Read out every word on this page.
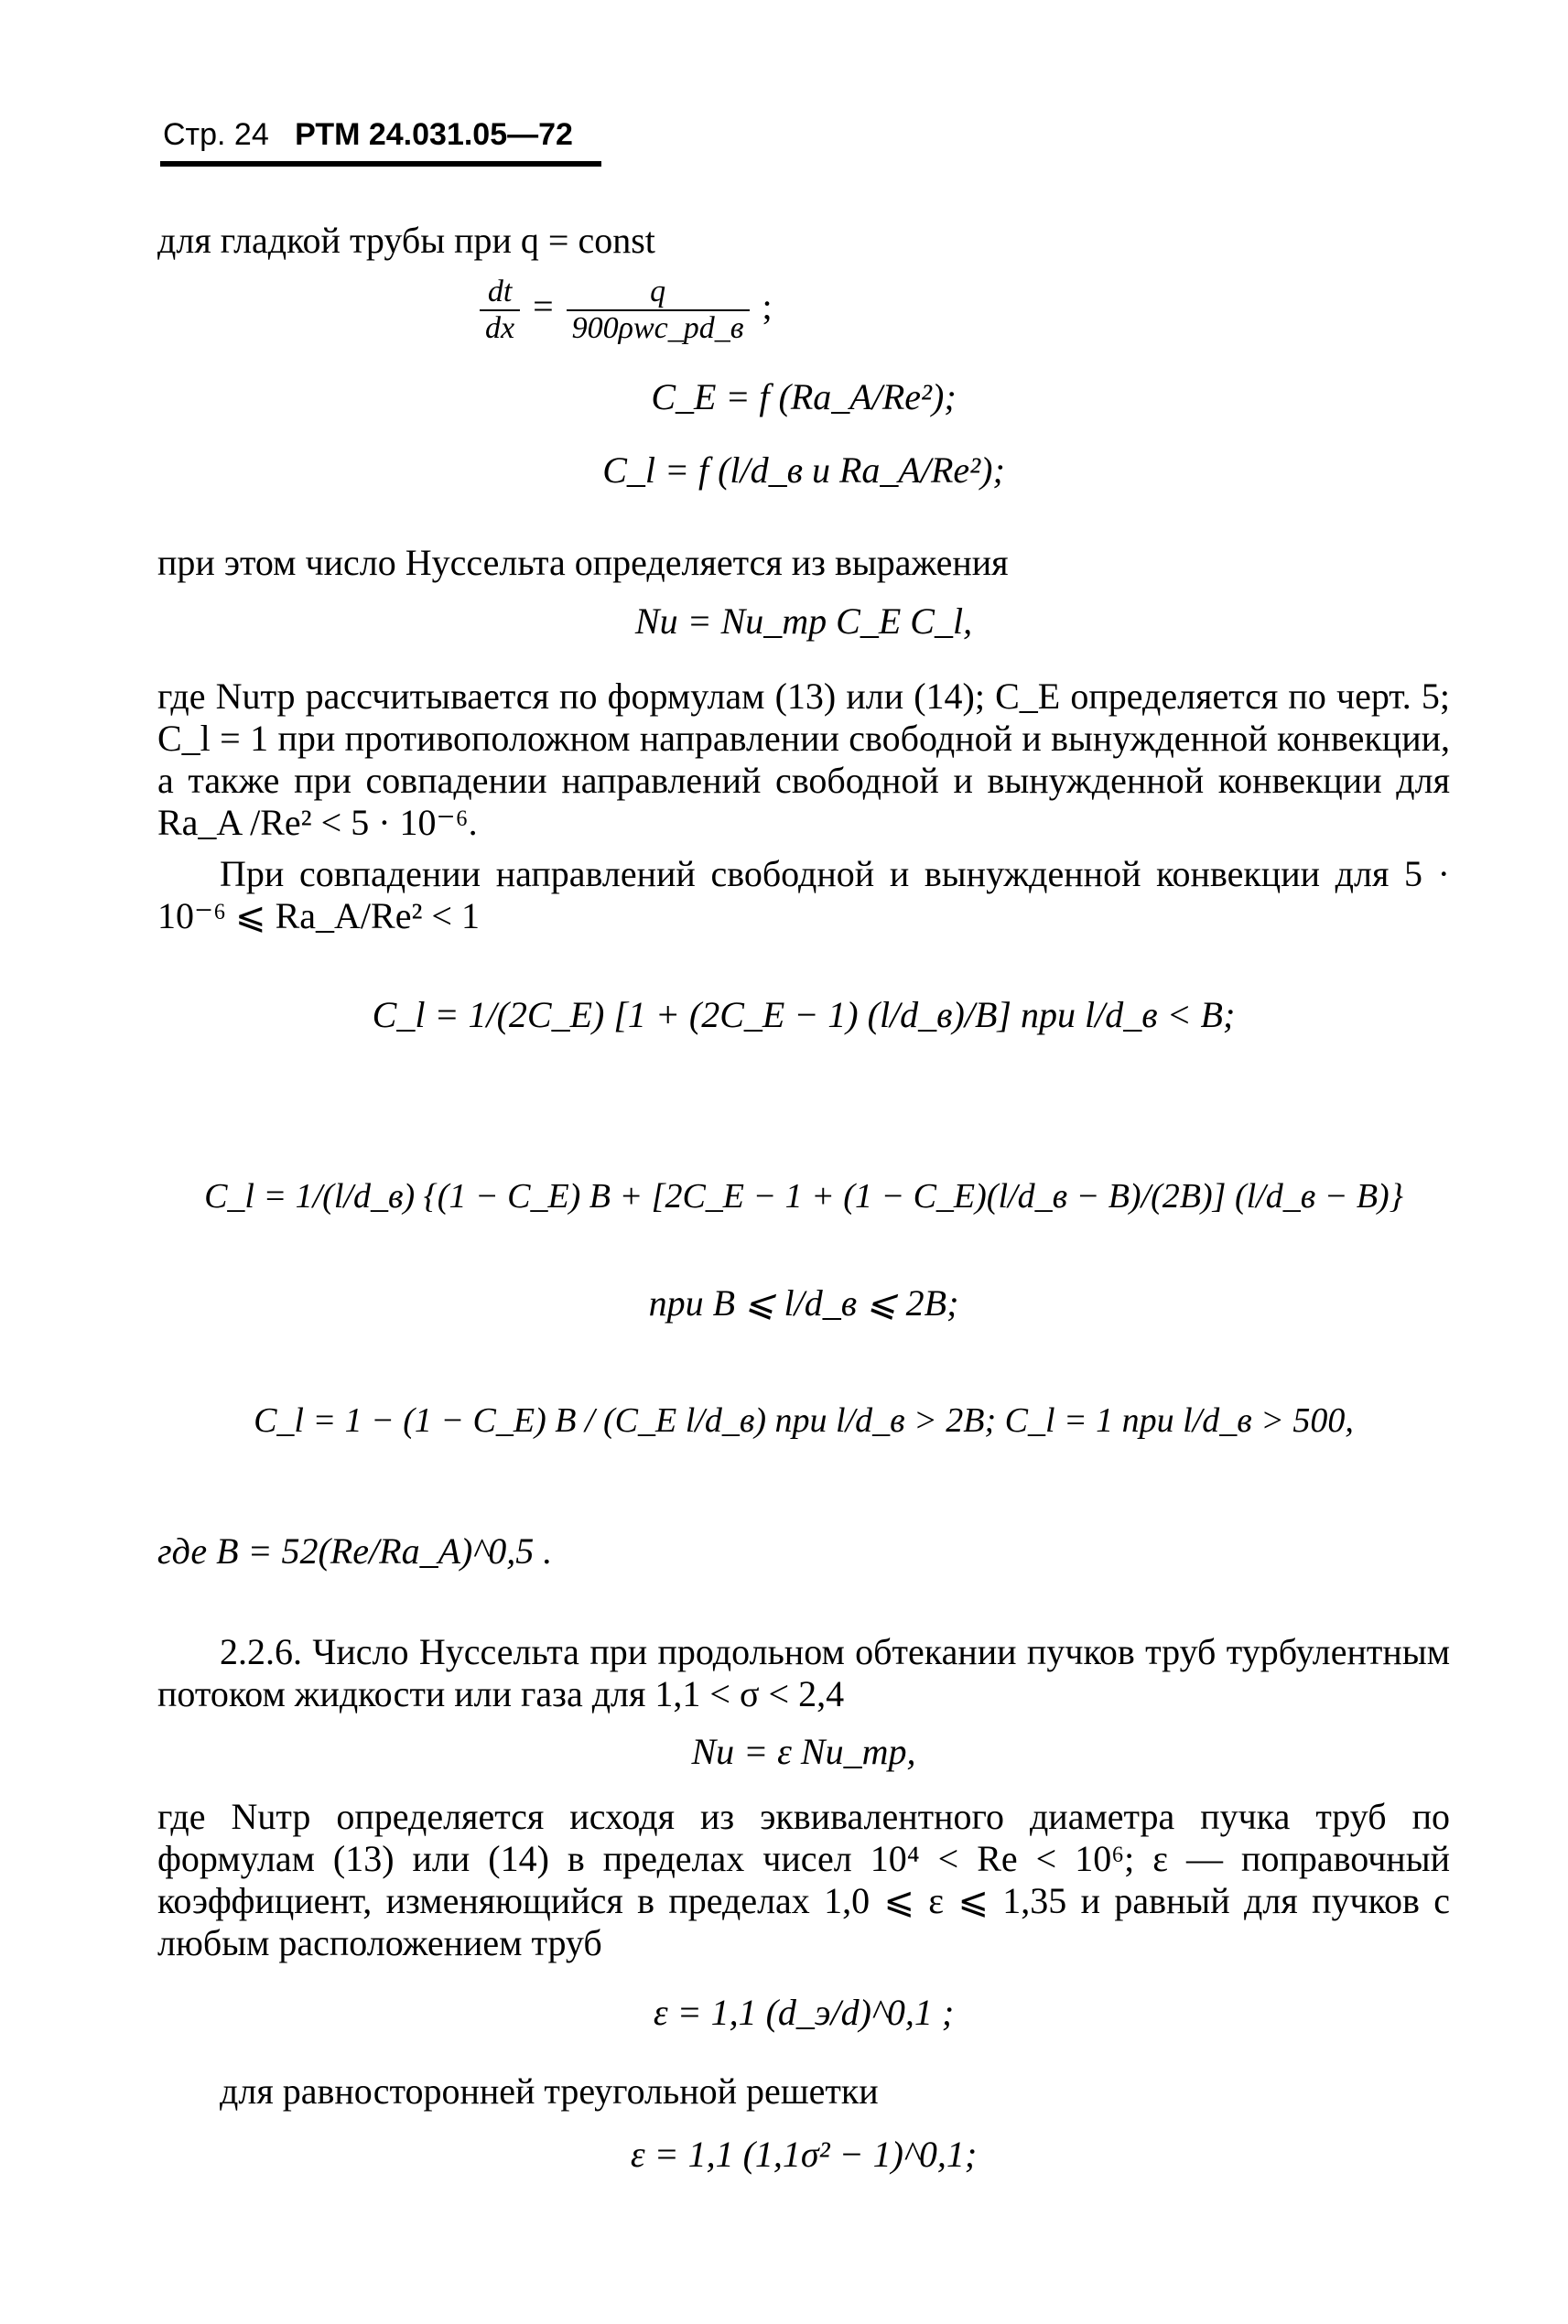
Стр. 24 РТМ 24.031.05—72
для гладкой трубы при q = const
$\frac{dt}{dx} = \frac{q}{\text{900ρwc\_pd\_в}}$ ;
C_E = f (Ra_A/Re²);
C_l = f (l/d_в и Ra_A/Re²);
при этом число Нуссельта определяется из выражения
Nu = Nu_тр C_E C_l,
где Nuтр рассчитывается по формулам (13) или (14); C_E определяется по черт. 5; C_l = 1 при противоположном направлении свободной и вынужденной конвекции, а также при совпадении направлений свободной и вынужденной конвекции для Ra_A /Re² < 5 · 10⁻⁶.
При совпадении направлений свободной и вынужденной конвекции для 5 · 10⁻⁶ ⩽ Ra_A/Re² < 1
C_l = 1/(2C_E) [1 + (2C_E − 1) (l/d_в)/B] при l/d_в < B;
C_l = 1/(l/d_в) {(1 − C_E) B + [2C_E − 1 + (1 − C_E)(l/d_в − B)/(2B)] (l/d_в − B)}
при B ⩽ l/d_в ⩽ 2B;
C_l = 1 − (1 − C_E) B / (C_E l/d_в) при l/d_в > 2B; C_l = 1 при l/d_в > 500,
где B = 52(Re/Ra_A)^0,5 .
2.2.6. Число Нуссельта при продольном обтекании пучков труб турбулентным потоком жидкости или газа для 1,1 < σ < 2,4
Nu = ε Nu_тр,
где Nuтр определяется исходя из эквивалентного диаметра пучка труб по формулам (13) или (14) в пределах чисел 10⁴ < Re < 10⁶; ε — поправочный коэффициент, изменяющийся в пределах 1,0 ⩽ ε ⩽ 1,35 и равный для пучков с любым расположением труб
ε = 1,1 (d_э/d)^0,1 ;
для равносторонней треугольной решетки
ε = 1,1 (1,1σ² − 1)^0,1;
